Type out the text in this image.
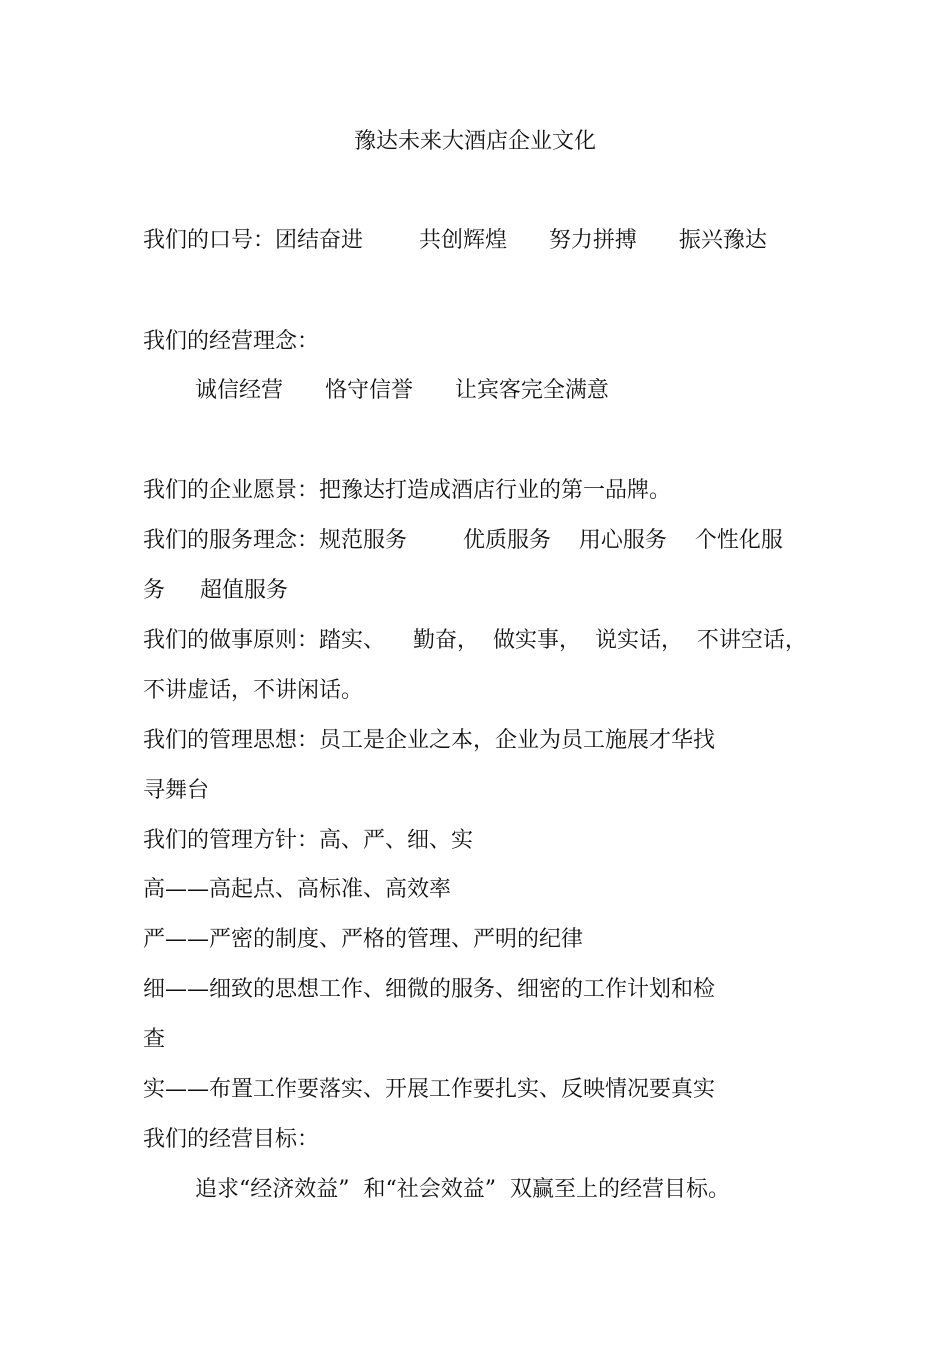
豫达未来大酒店企业文化
我们的口号：团结奋进        共创辉煌      努力拼搏      振兴豫达
我们的经营理念：
诚信经营      恪守信誉      让宾客完全满意
我们的企业愿景：把豫达打造成酒店行业的第一品牌。
我们的服务理念：规范服务        优质服务    用心服务    个性化服
务     超值服务
我们的做事原则：踏实、    勤奋，  做实事，  说实话，  不讲空话，
不讲虚话，不讲闲话。
我们的管理思想：员工是企业之本，企业为员工施展才华找
寻舞台
我们的管理方针：高、严、细、实
高——高起点、高标准、高效率
严——严密的制度、严格的管理、严明的纪律
细——细致的思想工作、细微的服务、细密的工作计划和检
查
实——布置工作要落实、开展工作要扎实、反映情况要真实
我们的经营目标：
追求“经济效益”  和“社会效益”  双赢至上的经营目标。
